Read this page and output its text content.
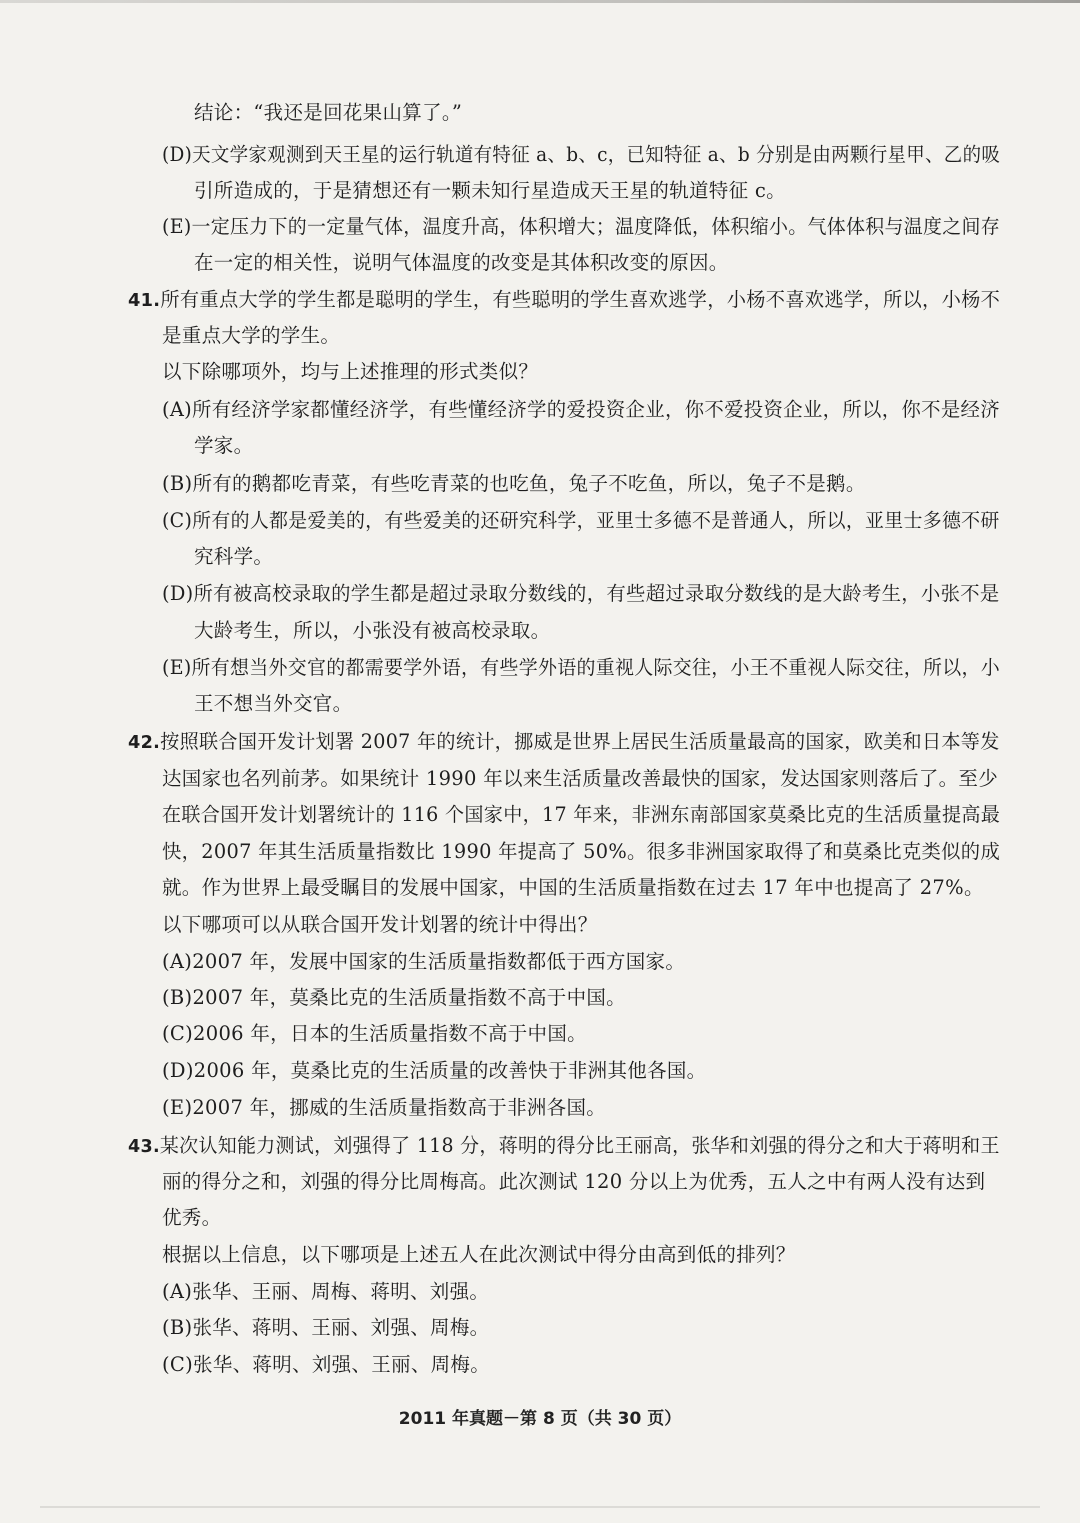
结论：“我还是回花果山算了。”
(D)天文学家观测到天王星的运行轨道有特征 a、b、c，已知特征 a、b 分别是由两颗行星甲、乙的吸
引所造成的，于是猜想还有一颗未知行星造成天王星的轨道特征 c。
(E)一定压力下的一定量气体，温度升高，体积增大；温度降低，体积缩小。气体体积与温度之间存
在一定的相关性，说明气体温度的改变是其体积改变的原因。
41.所有重点大学的学生都是聪明的学生，有些聪明的学生喜欢逃学，小杨不喜欢逃学，所以，小杨不
是重点大学的学生。
以下除哪项外，均与上述推理的形式类似？
(A)所有经济学家都懂经济学，有些懂经济学的爱投资企业，你不爱投资企业，所以，你不是经济
学家。
(B)所有的鹅都吃青菜，有些吃青菜的也吃鱼，兔子不吃鱼，所以，兔子不是鹅。
(C)所有的人都是爱美的，有些爱美的还研究科学，亚里士多德不是普通人，所以，亚里士多德不研
究科学。
(D)所有被高校录取的学生都是超过录取分数线的，有些超过录取分数线的是大龄考生，小张不是
大龄考生，所以，小张没有被高校录取。
(E)所有想当外交官的都需要学外语，有些学外语的重视人际交往，小王不重视人际交往，所以，小
王不想当外交官。
42.按照联合国开发计划署 2007 年的统计，挪威是世界上居民生活质量最高的国家，欧美和日本等发
达国家也名列前茅。如果统计 1990 年以来生活质量改善最快的国家，发达国家则落后了。至少
在联合国开发计划署统计的 116 个国家中，17 年来，非洲东南部国家莫桑比克的生活质量提高最
快，2007 年其生活质量指数比 1990 年提高了 50%。很多非洲国家取得了和莫桑比克类似的成
就。作为世界上最受瞩目的发展中国家，中国的生活质量指数在过去 17 年中也提高了 27%。
以下哪项可以从联合国开发计划署的统计中得出？
(A)2007 年，发展中国家的生活质量指数都低于西方国家。
(B)2007 年，莫桑比克的生活质量指数不高于中国。
(C)2006 年，日本的生活质量指数不高于中国。
(D)2006 年，莫桑比克的生活质量的改善快于非洲其他各国。
(E)2007 年，挪威的生活质量指数高于非洲各国。
43.某次认知能力测试，刘强得了 118 分，蒋明的得分比王丽高，张华和刘强的得分之和大于蒋明和王
丽的得分之和，刘强的得分比周梅高。此次测试 120 分以上为优秀，五人之中有两人没有达到
优秀。
根据以上信息，以下哪项是上述五人在此次测试中得分由高到低的排列？
(A)张华、王丽、周梅、蒋明、刘强。
(B)张华、蒋明、王丽、刘强、周梅。
(C)张华、蒋明、刘强、王丽、周梅。
2011 年真题－第 8 页（共 30 页）
